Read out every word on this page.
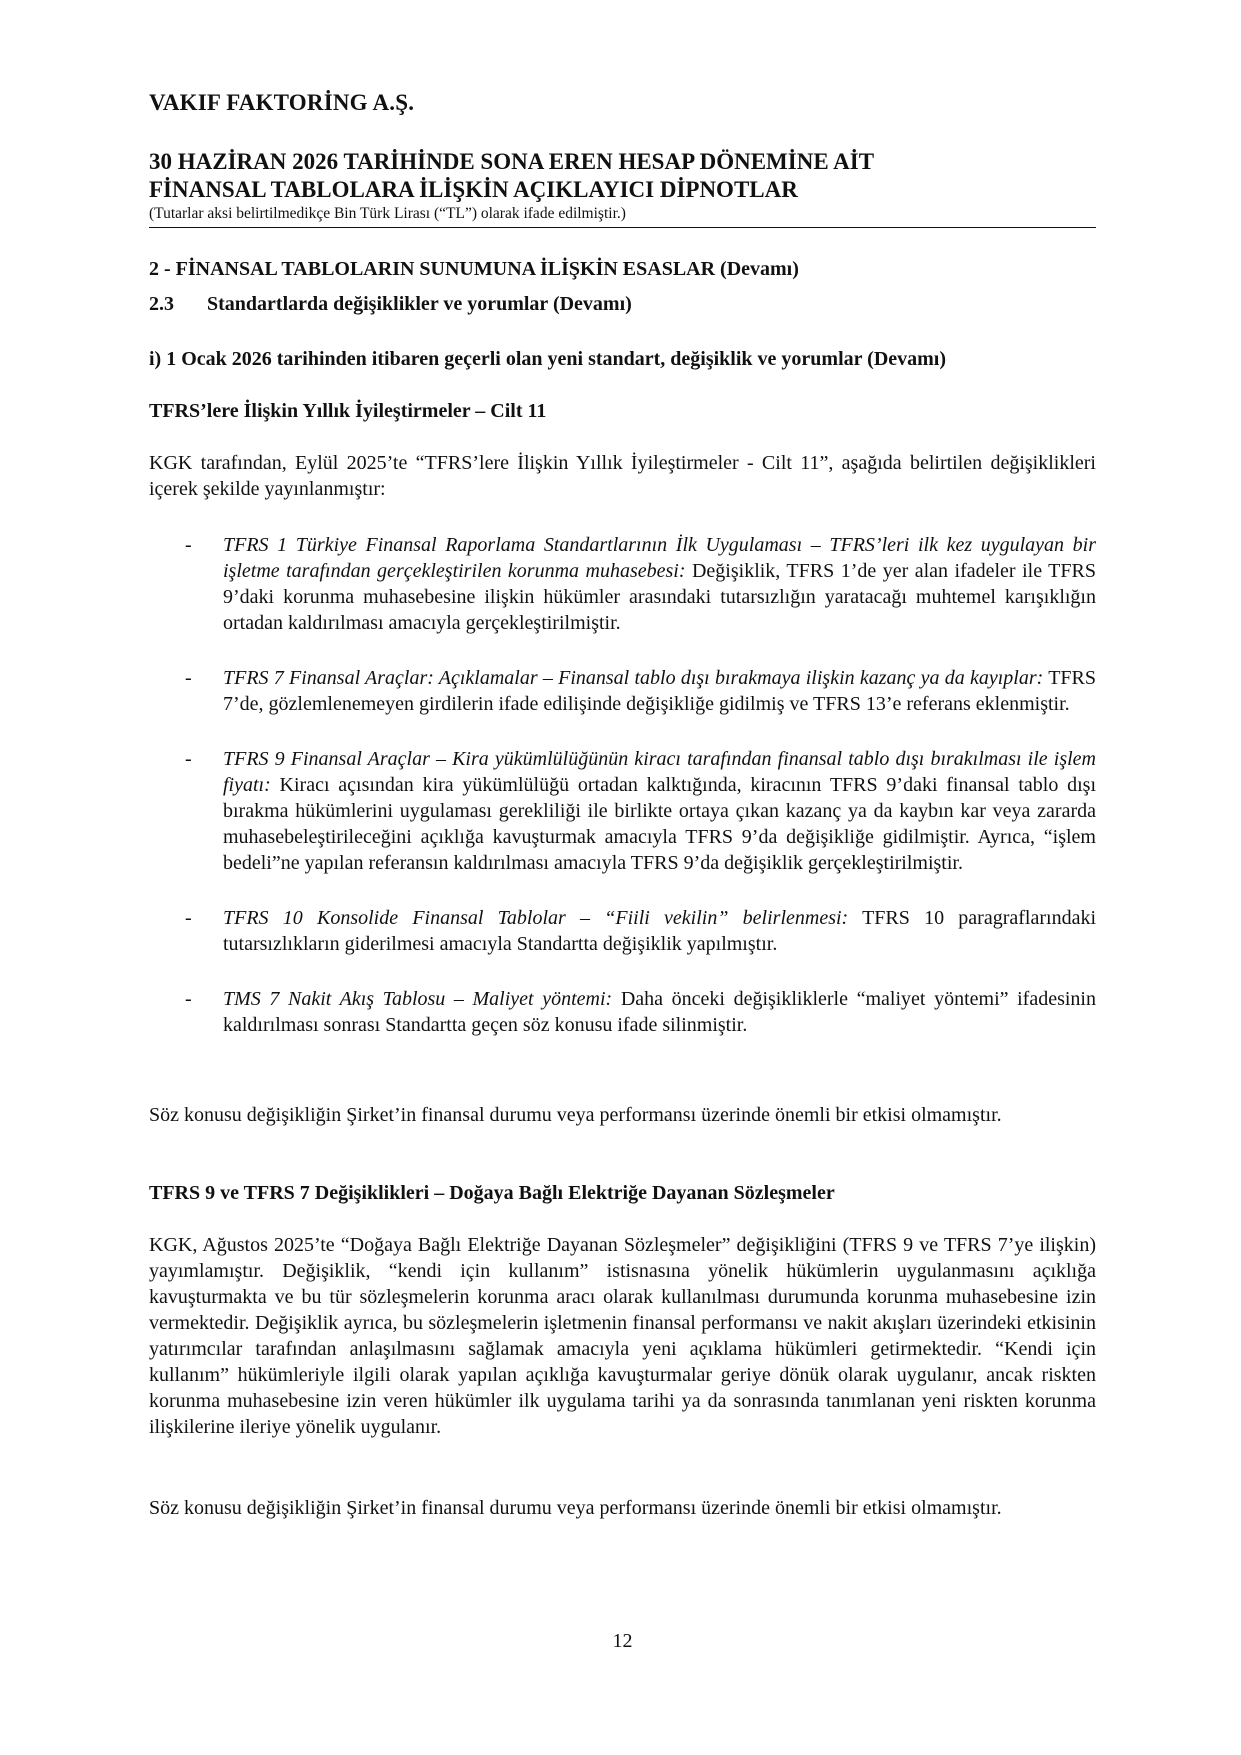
VAKIF FAKTORİNG A.Ş.
30 HAZİRAN 2026 TARİHİNDE SONA EREN HESAP DÖNEMİNE AİT
FİNANSAL TABLOLARA İLİŞKİN AÇIKLAYICI DİPNOTLAR

(Tutarlar aksi belirtilmedikçe Bin Türk Lirası (“TL”) olarak ifade edilmiştir.)

2 - FİNANSAL TABLOLARIN SUNUMUNA İLİŞKİN ESASLAR (Devamı)
2.3 Standartlarda değişiklikler ve yorumlar (Devamı)
i) 1 Ocak 2026 tarihinden itibaren geçerli olan yeni standart, değişiklik ve yorumlar (Devamı)
TFRS’lere İlişkin Yıllık İyileştirmeler – Cilt 11

KGK tarafından, Eylül 2025’te “TFRS’lere İlişkin Yıllık İyileştirmeler - Cilt 11”, aşağıda belirtilen değişiklikleri içerek şekilde yayınlanmıştır:

- TFRS 1 Türkiye Finansal Raporlama Standartlarının İlk Uygulaması – TFRS’leri ilk kez uygulayan bir işletme tarafından gerçekleştirilen korunma muhasebesi: Değişiklik, TFRS 1’de yer alan ifadeler ile TFRS 9’daki korunma muhasebesine ilişkin hükümler arasındaki tutarsızlığın yaratacağı muhtemel karışıklığın ortadan kaldırılması amacıyla gerçekleştirilmiştir.
- TFRS 7 Finansal Araçlar: Açıklamalar – Finansal tablo dışı bırakmaya ilişkin kazanç ya da kayıplar: TFRS 7’de, gözlemlenemeyen girdilerin ifade edilişinde değişikliğe gidilmiş ve TFRS 13’e referans eklenmiştir.
- TFRS 9 Finansal Araçlar – Kira yükümlülüğünün kiracı tarafından finansal tablo dışı bırakılması ile işlem fiyatı: Kiracı açısından kira yükümlülüğü ortadan kalktığında, kiracının TFRS 9’daki finansal tablo dışı bırakma hükümlerini uygulaması gerekliliği ile birlikte ortaya çıkan kazanç ya da kaybın kar veya zararda muhasebeleştirileceğini açıklığa kavuşturmak amacıyla TFRS 9’da değişikliğe gidilmiştir. Ayrıca, “işlem bedeli”ne yapılan referansın kaldırılması amacıyla TFRS 9’da değişiklik gerçekleştirilmiştir.
- TFRS 10 Konsolide Finansal Tablolar – “Fiili vekilin” belirlenmesi: TFRS 10 paragraflarındaki tutarsızlıkların giderilmesi amacıyla Standartta değişiklik yapılmıştır.
- TMS 7 Nakit Akış Tablosu – Maliyet yöntemi: Daha önceki değişikliklerle “maliyet yöntemi” ifadesinin kaldırılması sonrası Standartta geçen söz konusu ifade silinmiştir.

Söz konusu değişikliğin Şirket’in finansal durumu veya performansı üzerinde önemli bir etkisi olmamıştır.

TFRS 9 ve TFRS 7 Değişiklikleri – Doğaya Bağlı Elektriğe Dayanan Sözleşmeler

KGK, Ağustos 2025’te “Doğaya Bağlı Elektriğe Dayanan Sözleşmeler” değişikliğini (TFRS 9 ve TFRS 7’ye ilişkin) yayımlamıştır. Değişiklik, “kendi için kullanım” istisnasına yönelik hükümlerin uygulanmasını açıklığa kavuşturmakta ve bu tür sözleşmelerin korunma aracı olarak kullanılması durumunda korunma muhasebesine izin vermektedir. Değişiklik ayrıca, bu sözleşmelerin işletmenin finansal performansı ve nakit akışları üzerindeki etkisinin yatırımcılar tarafından anlaşılmasını sağlamak amacıyla yeni açıklama hükümleri getirmektedir. “Kendi için kullanım” hükümleriyle ilgili olarak yapılan açıklığa kavuşturmalar geriye dönük olarak uygulanır, ancak riskten korunma muhasebesine izin veren hükümler ilk uygulama tarihi ya da sonrasında tanımlanan yeni riskten korunma ilişkilerine ileriye yönelik uygulanır.

Söz konusu değişikliğin Şirket’in finansal durumu veya performansı üzerinde önemli bir etkisi olmamıştır.

12
